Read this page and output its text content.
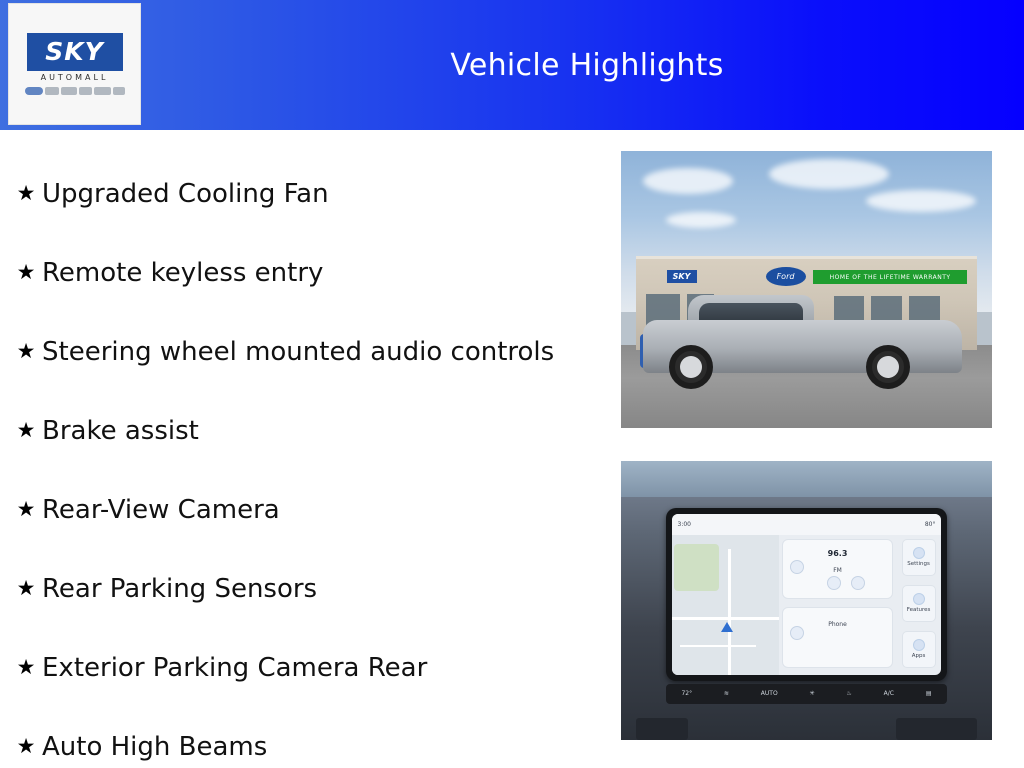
Vehicle Highlights
SKY
AUTOMALL
★ Upgraded Cooling Fan
★ Remote keyless entry
★ Steering wheel mounted audio controls
★ Brake assist
★ Rear-View Camera
★ Rear Parking Sensors
★ Exterior Parking Camera Rear
★ Auto High Beams
SKY	Ford	HOME OF THE LIFETIME WARRANTY
3:00	80°
96.3
FM
Phone
Settings
Features
Apps
72°	≋	AUTO	✳	♨	A/C	▤
